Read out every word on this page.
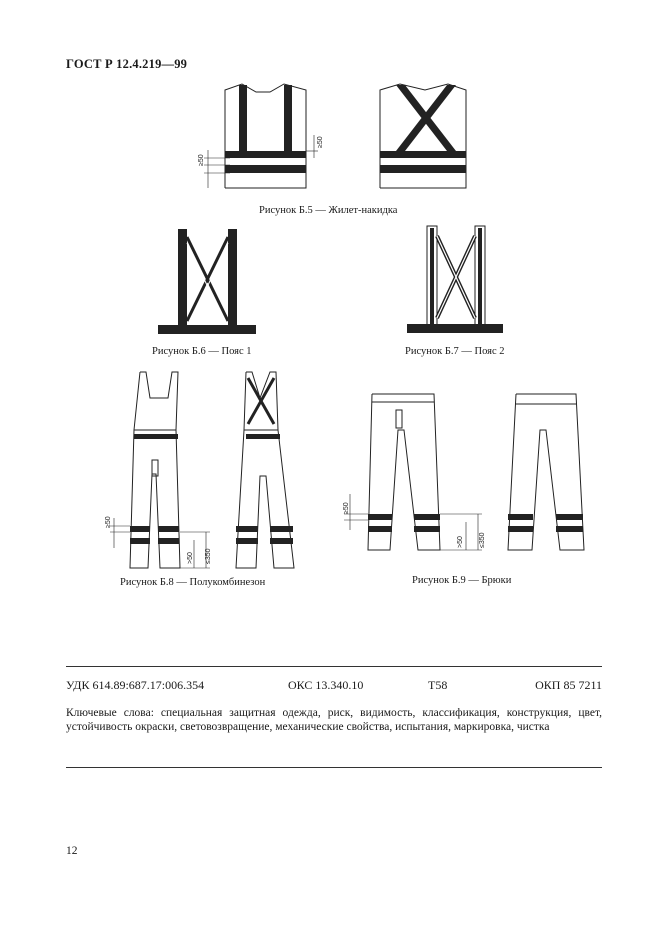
ГОСТ Р 12.4.219—99
≥50
≥50
Рисунок Б.5 — Жилет-накидка
Рисунок Б.6 — Пояс 1	Рисунок Б.7 — Пояс 2
≥50
>50 ≤350
Рисунок Б.8 — Полукомбинезон
≥50
>50 ≤350
Рисунок Б.9 — Брюки
УДК 614.89:687.17:006.354	ОКС 13.340.10	Т58	ОКП 85 7211
Ключевые слова: специальная защитная одежда, риск, видимость, классификация, конструкция, цвет, устойчивость окраски, световозвращение, механические свойства, испытания, маркировка, чистка
12
